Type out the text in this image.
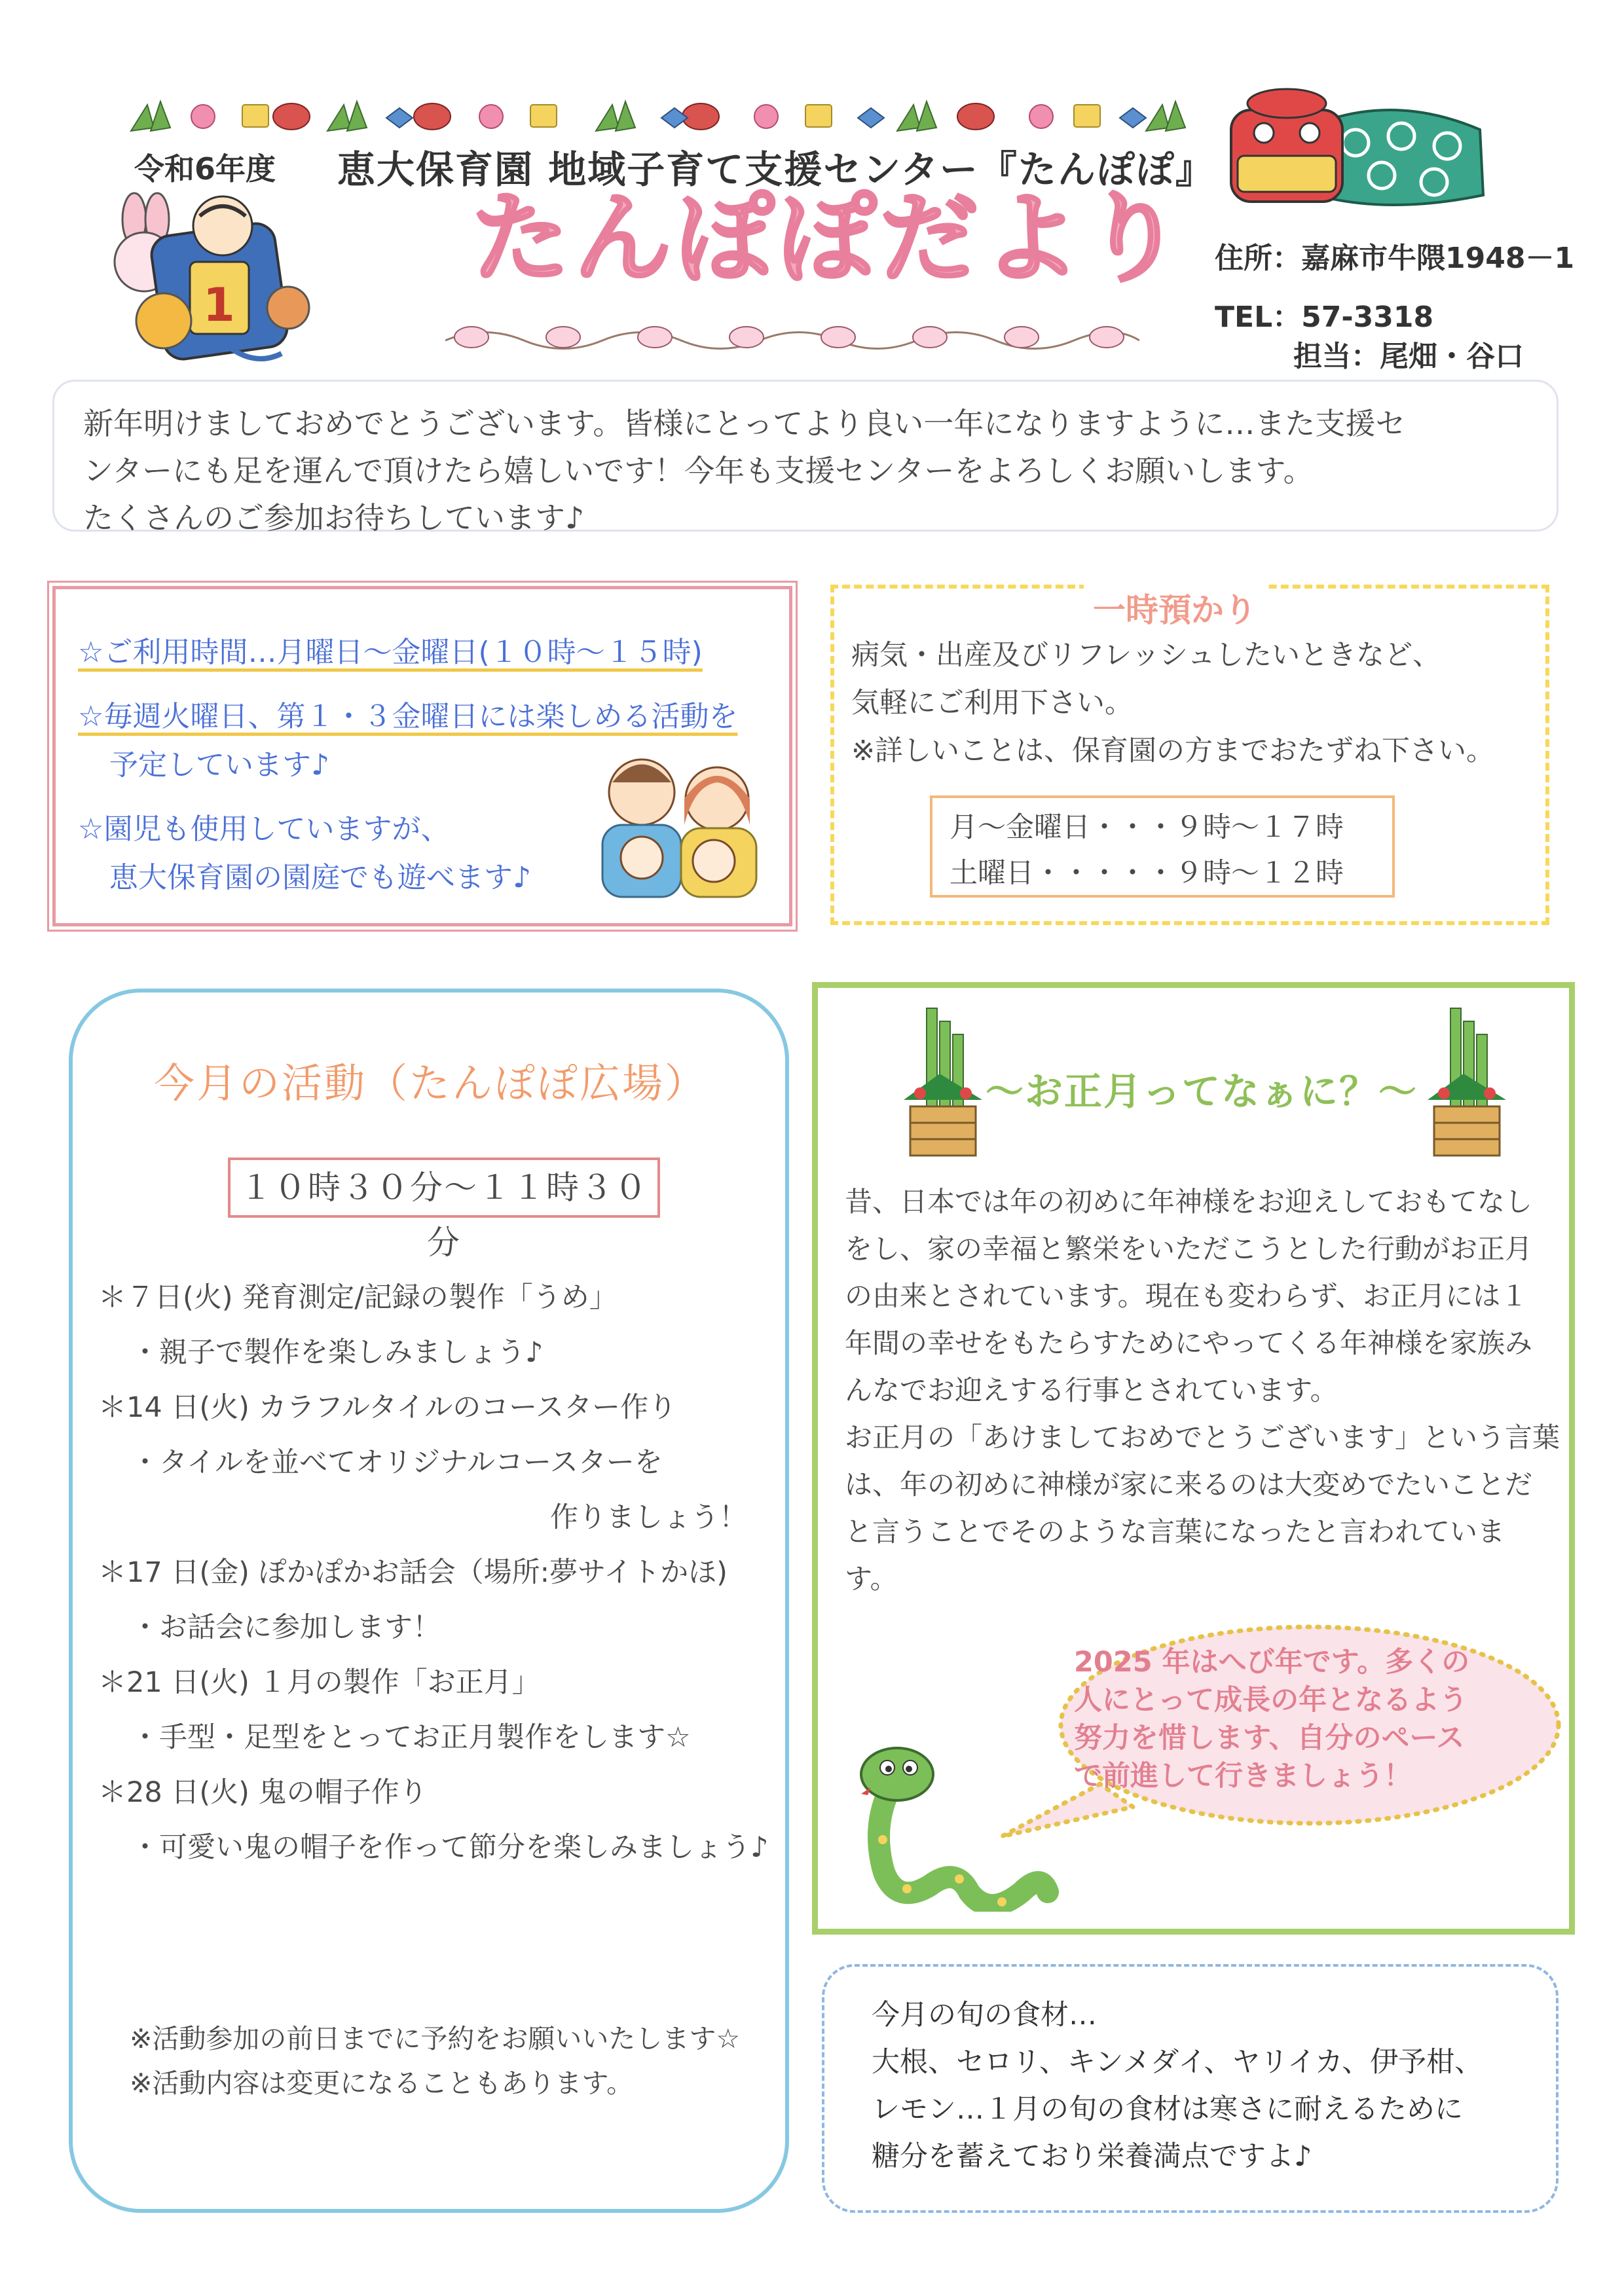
令和6年度 恵大保育園 地域子育て支援センター『たんぽぽ』
1
たんぽぽだより 住所：嘉麻市牛隈1948－1
TEL：57-3318
担当：尾畑・谷口
新年明けましておめでとうございます。皆様にとってより良い一年になりますように…また支援セ
ンターにも足を運んで頂けたら嬉しいです！今年も支援センターをよろしくお願いします。
たくさんのご参加お待ちしています♪
☆ご利用時間…月曜日～金曜日(１０時～１５時)
☆毎週火曜日、第１・３金曜日には楽しめる活動を
予定しています♪
☆園児も使用していますが、
恵大保育園の園庭でも遊べます♪
一時預かり
病気・出産及びリフレッシュしたいときなど、
気軽にご利用下さい。
※詳しいことは、保育園の方までおたずね下さい。
月～金曜日・・・９時～１７時
土曜日・・・・・９時～１２時
今月の活動（たんぽぽ広場）
１０時３０分～１１時３０分
＊７日(火) 発育測定/記録の製作「うめ」
・親子で製作を楽しみましょう♪
＊14 日(火) カラフルタイルのコースター作り
・タイルを並べてオリジナルコースターを
作りましょう！
＊17 日(金) ぽかぽかお話会（場所:夢サイトかほ)
・お話会に参加します！
＊21 日(火) １月の製作「お正月」
・手型・足型をとってお正月製作をします☆
＊28 日(火) 鬼の帽子作り
・可愛い鬼の帽子を作って節分を楽しみましょう♪
※活動参加の前日までに予約をお願いいたします☆
※活動内容は変更になることもあります。
～お正月ってなぁに？～
昔、日本では年の初めに年神様をお迎えしておもてなし
をし、家の幸福と繁栄をいただこうとした行動がお正月
の由来とされています。現在も変わらず、お正月には１
年間の幸せをもたらすためにやってくる年神様を家族み
んなでお迎えする行事とされています。
お正月の「あけましておめでとうございます」という言葉
は、年の初めに神様が家に来るのは大変めでたいことだ
と言うことでそのような言葉になったと言われていま
す。
2025 年はへび年です。多くの
人にとって成長の年となるよう
努力を惜します、自分のペース
で前進して行きましょう！
今月の旬の食材…
大根、セロリ、キンメダイ、ヤリイカ、伊予柑、
レモン…１月の旬の食材は寒さに耐えるために
糖分を蓄えており栄養満点ですよ♪
